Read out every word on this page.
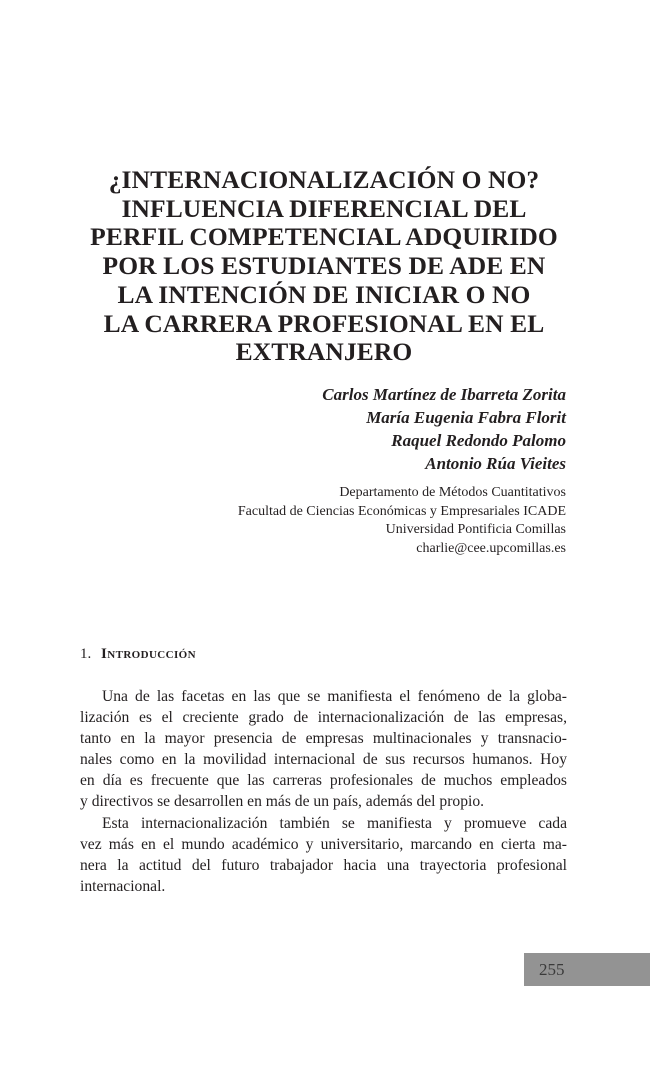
¿INTERNACIONALIZACIÓN O NO?
INFLUENCIA DIFERENCIAL DEL
PERFIL COMPETENCIAL ADQUIRIDO
POR LOS ESTUDIANTES DE ADE EN
LA INTENCIÓN DE INICIAR O NO
LA CARRERA PROFESIONAL EN EL
EXTRANJERO
Carlos Martínez de Ibarreta Zorita
María Eugenia Fabra Florit
Raquel Redondo Palomo
Antonio Rúa Vieites
Departamento de Métodos Cuantitativos
Facultad de Ciencias Económicas y Empresariales ICADE
Universidad Pontificia Comillas
charlie@cee.upcomillas.es
1. Introducción
Una de las facetas en las que se manifiesta el fenómeno de la globa-
lización es el creciente grado de internacionalización de las empresas,
tanto en la mayor presencia de empresas multinacionales y transnacio-
nales como en la movilidad internacional de sus recursos humanos. Hoy
en día es frecuente que las carreras profesionales de muchos empleados
y directivos se desarrollen en más de un país, además del propio.
Esta internacionalización también se manifiesta y promueve cada
vez más en el mundo académico y universitario, marcando en cierta ma-
nera la actitud del futuro trabajador hacia una trayectoria profesional
internacional.
255
